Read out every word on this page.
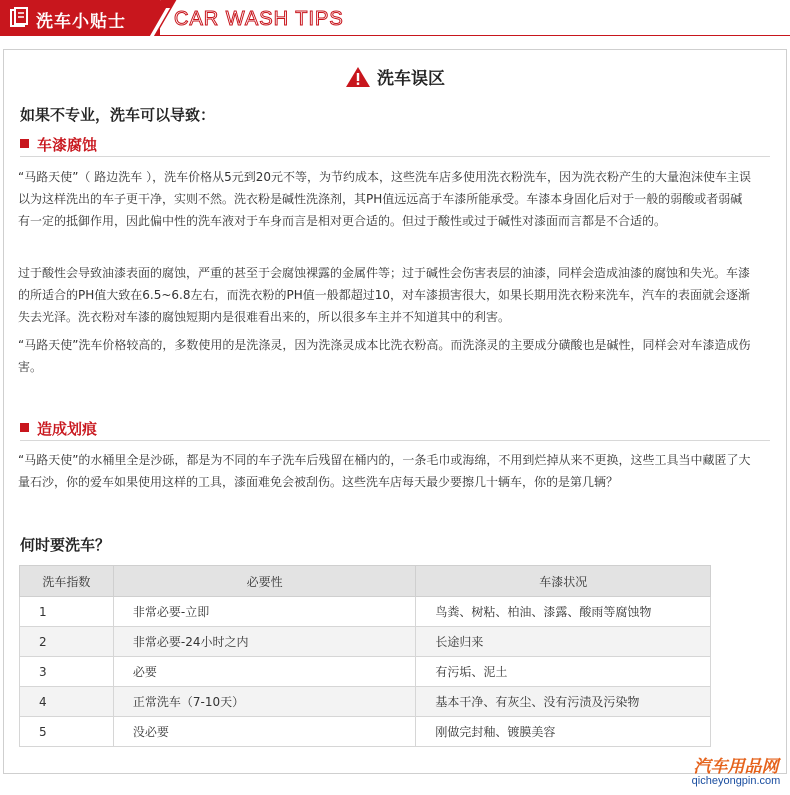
洗车小贴士 CAR WASH TIPS
洗车误区
如果不专业，洗车可以导致：
车漆腐蚀
“马路天使”（ 路边洗车 ），洗车价格从5元到20元不等，为节约成本，这些洗车店多使用洗衣粉洗车，因为洗衣粉产生的大量泡沫使车主误以为这样洗出的车子更干净，实则不然。洗衣粉是碱性洗涤剂，其PH值远远高于车漆所能承受。车漆本身固化后对于一般的弱酸或者弱碱有一定的抵御作用，因此偏中性的洗车液对于车身而言是相对更合适的。但过于酸性或过于碱性对漆面而言都是不合适的。
过于酸性会导致油漆表面的腐蚀，严重的甚至于会腐蚀裸露的金属件等；过于碱性会伤害表层的油漆，同样会造成油漆的腐蚀和失光。车漆的所适合的PH值大致在6.5~6.8左右，而洗衣粉的PH值一般都超过10，对车漆损害很大，如果长期用洗衣粉来洗车，汽车的表面就会逐渐失去光泽。洗衣粉对车漆的腐蚀短期内是很难看出来的，所以很多车主并不知道其中的利害。
“马路天使”洗车价格较高的，多数使用的是洗涤灵，因为洗涤灵成本比洗衣粉高。而洗涤灵的主要成分磺酸也是碱性，同样会对车漆造成伤害。
造成划痕
“马路天使”的水桶里全是沙砾，都是为不同的车子洗车后残留在桶内的，一条毛巾或海绵，不用到烂掉从来不更换，这些工具当中藏匿了大量石沙，你的爱车如果使用这样的工具，漆面难免会被刮伤。这些洗车店每天最少要擦几十辆车，你的是第几辆？
何时要洗车？
洗车指数	必要性	车漆状况
1	非常必要-立即	鸟粪、树粘、柏油、漆露、酸雨等腐蚀物
2	非常必要-24小时之内	长途归来
3	必要	有污垢、泥土
4	正常洗车（7-10天）	基本干净、有灰尘、没有污渍及污染物
5	没必要	刚做完封釉、镀膜美容
汽车用品网
qicheyongpin.com
